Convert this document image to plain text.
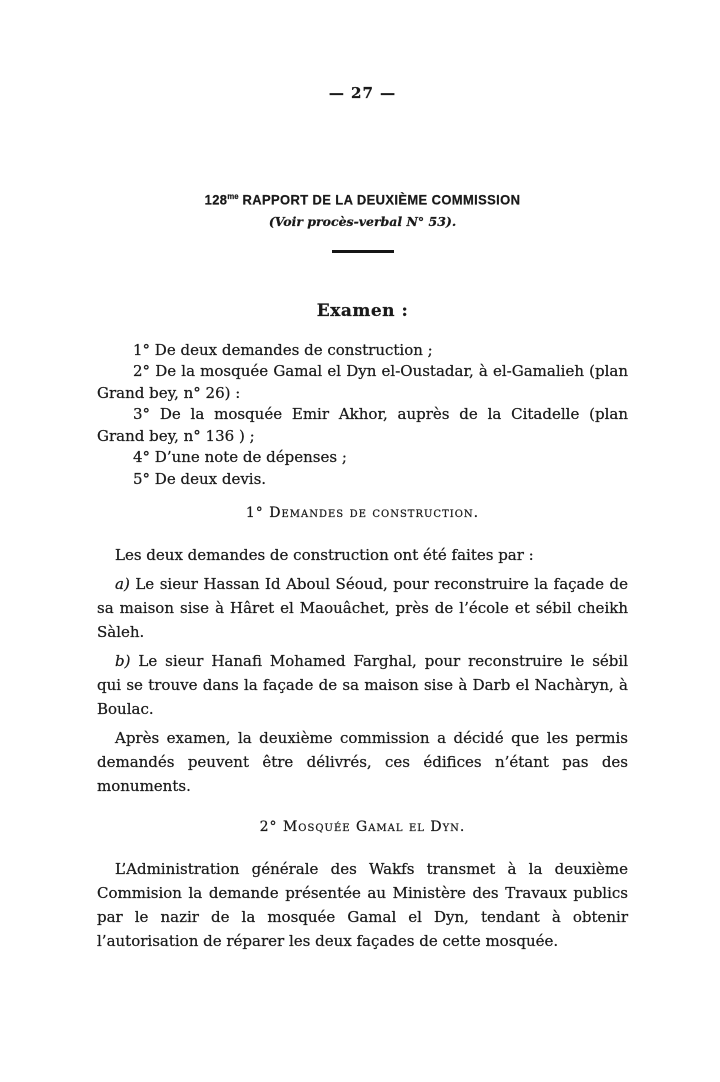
— 27 —
$128^{me}$ RAPPORT DE LA DEUXIÈME COMMISSION
(Voir procès-verbal N° 53).
Examen :

1° De deux demandes de construction ;

2° De la mosquée Gamal el Dyn el-Oustadar, à el-Gamalieh (plan Grand bey, n° 26) :

3° De la mosquée Emir Akhor, auprès de la Citadelle (plan Grand bey, n° 136 ) ;

4° D’une note de dépenses ;

5° De deux devis.

1° Demandes de construction.

Les deux demandes de construction ont été faites par :

a) Le sieur Hassan Id Aboul Séoud, pour reconstruire la façade de sa maison sise à Hâret el Maouâchet, près de l’école et sébil cheikh Sàleh.

b) Le sieur Hanafi Mohamed Farghal, pour reconstruire le sébil qui se trouve dans la façade de sa maison sise à Darb el Nachàryn, à Boulac.

Après examen, la deuxième commission a décidé que les permis demandés peuvent être délivrés, ces édifices n’étant pas des monuments.

2° Mosquée Gamal el Dyn.

L’Administration générale des Wakfs transmet à la deuxième Commision la demande présentée au Ministère des Travaux publics par le nazir de la mosquée Gamal el Dyn, tendant à obtenir l’autorisation de réparer les deux façades de cette mosquée.
